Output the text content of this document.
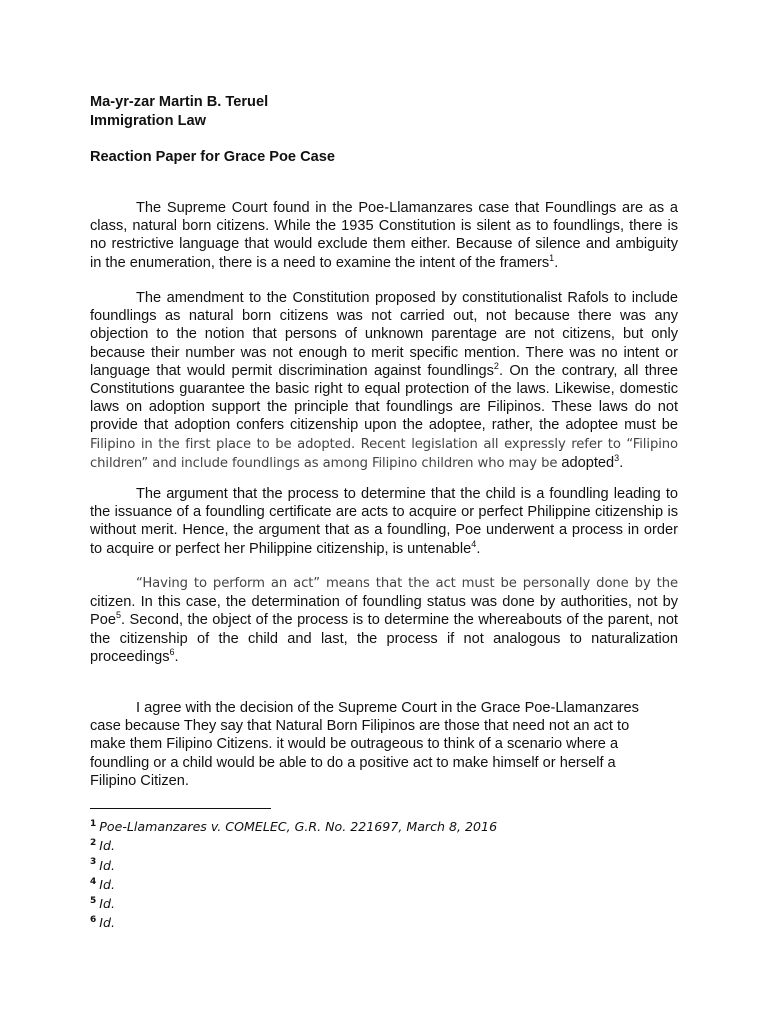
Ma-yr-zar Martin B. Teruel
Immigration Law
Reaction Paper for Grace Poe Case

The Supreme Court found in the Poe-Llamanzares case that Foundlings are as a class, natural born citizens. While the 1935 Constitution is silent as to foundlings, there is no restrictive language that would exclude them either. Because of silence and ambiguity in the enumeration, there is a need to examine the intent of the framers$^1$.

The amendment to the Constitution proposed by constitutionalist Rafols to include foundlings as natural born citizens was not carried out, not because there was any objection to the notion that persons of unknown parentage are not citizens, but only because their number was not enough to merit specific mention. There was no intent or language that would permit discrimination against foundlings$^2$. On the contrary, all three Constitutions guarantee the basic right to equal protection of the laws. Likewise, domestic laws on adoption support the principle that foundlings are Filipinos. These laws do not provide that adoption confers citizenship upon the adoptee, rather, the adoptee must be Filipino in the first place to be adopted. Recent legislation all expressly refer to “Filipino children” and include foundlings as among Filipino children who may be adopted$^3$.

The argument that the process to determine that the child is a foundling leading to the issuance of a foundling certificate are acts to acquire or perfect Philippine citizenship is without merit. Hence, the argument that as a foundling, Poe underwent a process in order to acquire or perfect her Philippine citizenship, is untenable$^4$.

“Having to perform an act” means that the act must be personally done by the citizen. In this case, the determination of foundling status was done by authorities, not by Poe$^5$. Second, the object of the process is to determine the whereabouts of the parent, not the citizenship of the child and last, the process if not analogous to naturalization proceedings$^6$.

I agree with the decision of the Supreme Court in the Grace Poe-Llamanzares case because They say that Natural Born Filipinos are those that need not an act to make them Filipino Citizens. it would be outrageous to think of a scenario where a foundling or a child would be able to do a positive act to make himself or herself a Filipino Citizen.

$^1$ Poe-Llamanzares v. COMELEC, G.R. No. 221697, March 8, 2016
$^2$ Id.
$^3$ Id.
$^4$ Id.
$^5$ Id.
$^6$ Id.
